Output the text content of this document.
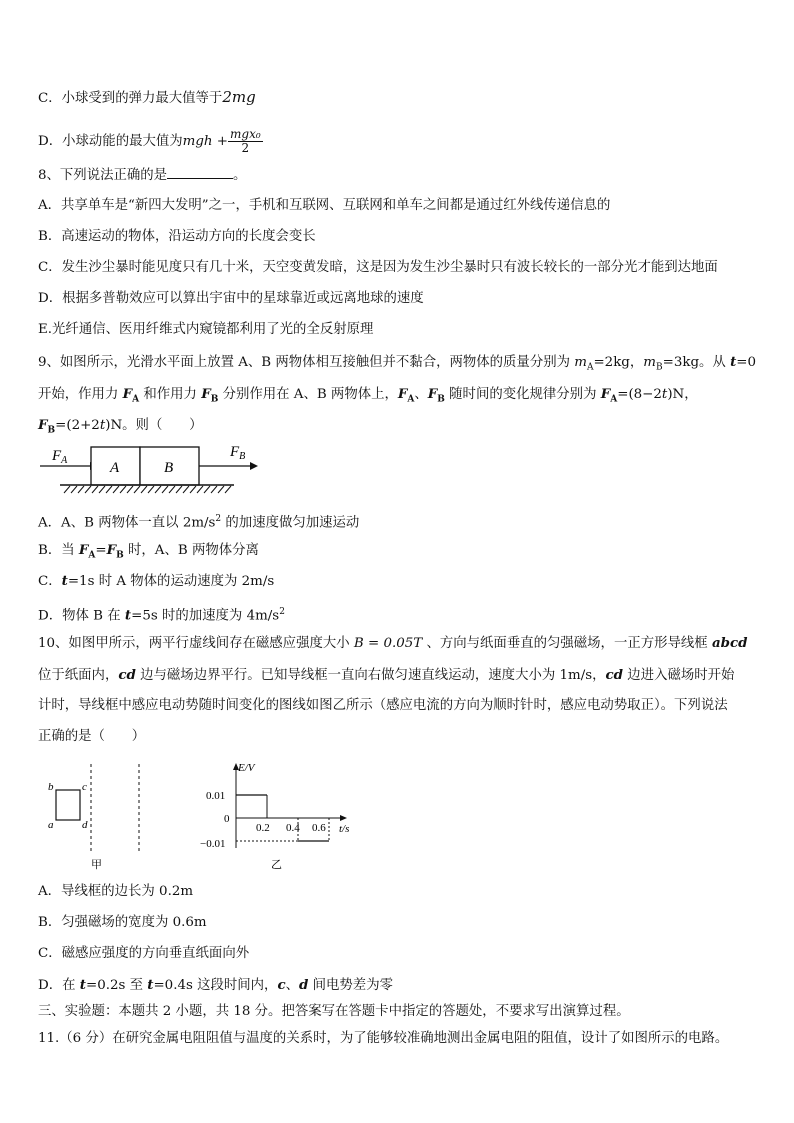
C．小球受到的弹力最大值等于2mg
D．小球动能的最大值为mgh + $\frac{\text{mgx₀}}{2}$
8、下列说法正确的是	。
A．共享单车是“新四大发明”之一，手机和互联网、互联网和单车之间都是通过红外线传递信息的
B．高速运动的物体，沿运动方向的长度会变长
C．发生沙尘暴时能见度只有几十米，天空变黄发暗，这是因为发生沙尘暴时只有波长较长的一部分光才能到达地面
D．根据多普勒效应可以算出宇宙中的星球靠近或远离地球的速度
E.光纤通信、医用纤维式内窥镜都利用了光的全反射原理
9、如图所示，光滑水平面上放置 A、B 两物体相互接触但并不黏合，两物体的质量分别为 $m_A=2kg$，$m_B=3kg$。从 t=0
开始，作用力 $F_A$ 和作用力 $F_B$ 分别作用在 A、B 两物体上，$F_A$、$F_B$ 随时间的变化规律分别为 $F_A=(8-2t)N$，
$F_B=(2+2t)N$。则（　　）
$F_A$	A	B
$F_B$
A．A、B 两物体一直以 $2m/s^2$ 的加速度做匀加速运动
B．当 $F_A=F_B$ 时，A、B 两物体分离
C．t=1s 时 A 物体的运动速度为 2m/s
D．物体 B 在 t=5s 时的加速度为 $4m/s^2$
10、如图甲所示，两平行虚线间存在磁感应强度大小 B = 0.05T 、方向与纸面垂直的匀强磁场，一正方形导线框 abcd
位于纸面内，cd 边与磁场边界平行。已知导线框一直向右做匀速直线运动，速度大小为 1m/s，cd 边进入磁场时开始
计时，导线框中感应电动势随时间变化的图线如图乙所示（感应电流的方向为顺时针时，感应电动势取正）。下列说法
正确的是（　　）
b	c
a	d
甲
E/V
0.01
0
−0.01
0.2 0.4 0.6 t/s
乙
A．导线框的边长为 0.2m
B．匀强磁场的宽度为 0.6m
C．磁感应强度的方向垂直纸面向外
D．在 t=0.2s 至 t=0.4s 这段时间内，c、d 间电势差为零
三、实验题：本题共 2 小题，共 18 分。把答案写在答题卡中指定的答题处，不要求写出演算过程。
11.（6 分）在研究金属电阻阻值与温度的关系时，为了能够较准确地测出金属电阻的阻值，设计了如图所示的电路。
